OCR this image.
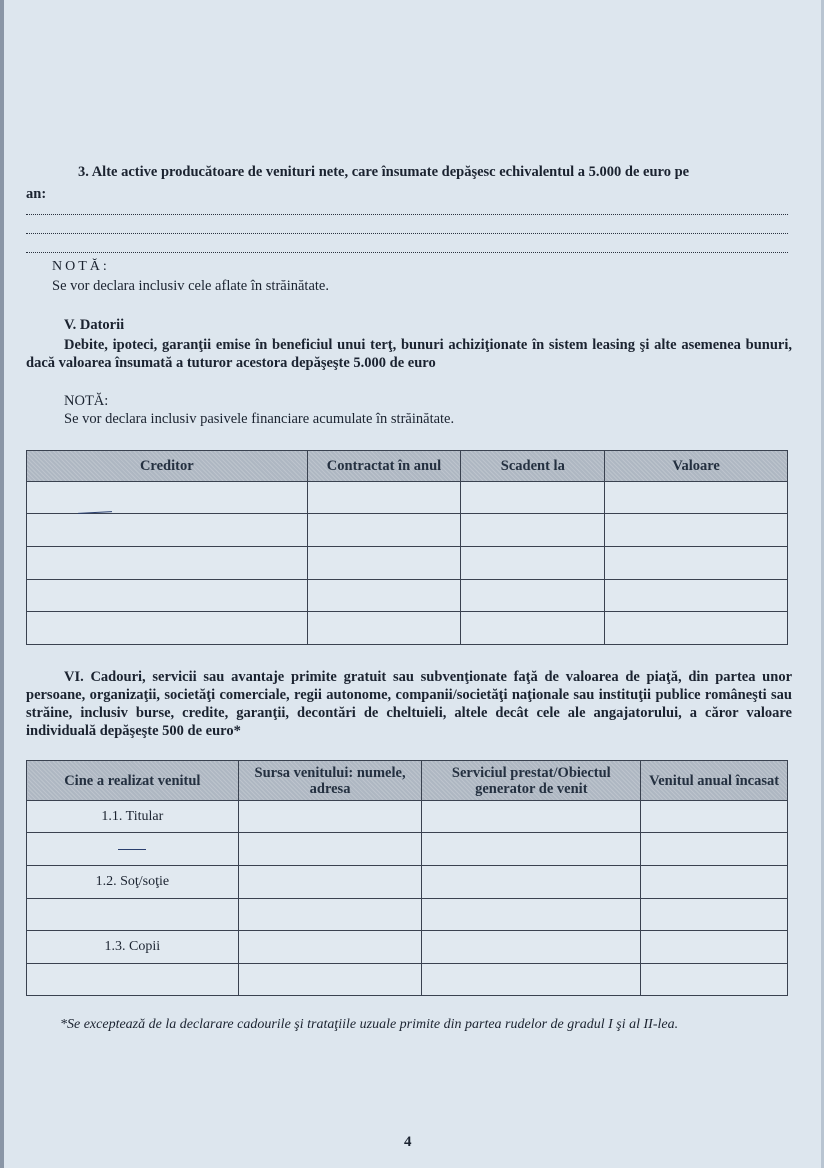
3. Alte active producătoare de venituri nete, care însumate depăşesc echivalentul a 5.000 de euro pe
an:
NOTĂ:
Se vor declara inclusiv cele aflate în străinătate.
V. Datorii
Debite, ipoteci, garanţii emise în beneficiul unui terţ, bunuri achiziţionate în sistem leasing şi alte asemenea bunuri, dacă valoarea însumată a tuturor acestora depăşeşte 5.000 de euro
NOTĂ:
Se vor declara inclusiv pasivele financiare acumulate în străinătate.
Creditor	Contractat în anul	Scadent la	Valoare

VI. Cadouri, servicii sau avantaje primite gratuit sau subvenţionate faţă de valoarea de piaţă, din partea unor persoane, organizaţii, societăţi comerciale, regii autonome, companii/societăţi naţionale sau instituţii publice româneşti sau străine, inclusiv burse, credite, garanţii, decontări de cheltuieli, altele decât cele ale angajatorului, a căror valoare individuală depăşeşte 500 de euro*
Cine a realizat venitul	Sursa venitului: numele, adresa	Serviciul prestat/Obiectul generator de venit	Venitul anual încasat
1.1. Titular			

1.2. Soţ/soţie			

1.3. Copii			

*Se exceptează de la declarare cadourile şi trataţiile uzuale primite din partea rudelor de gradul I şi al II-lea.
4
